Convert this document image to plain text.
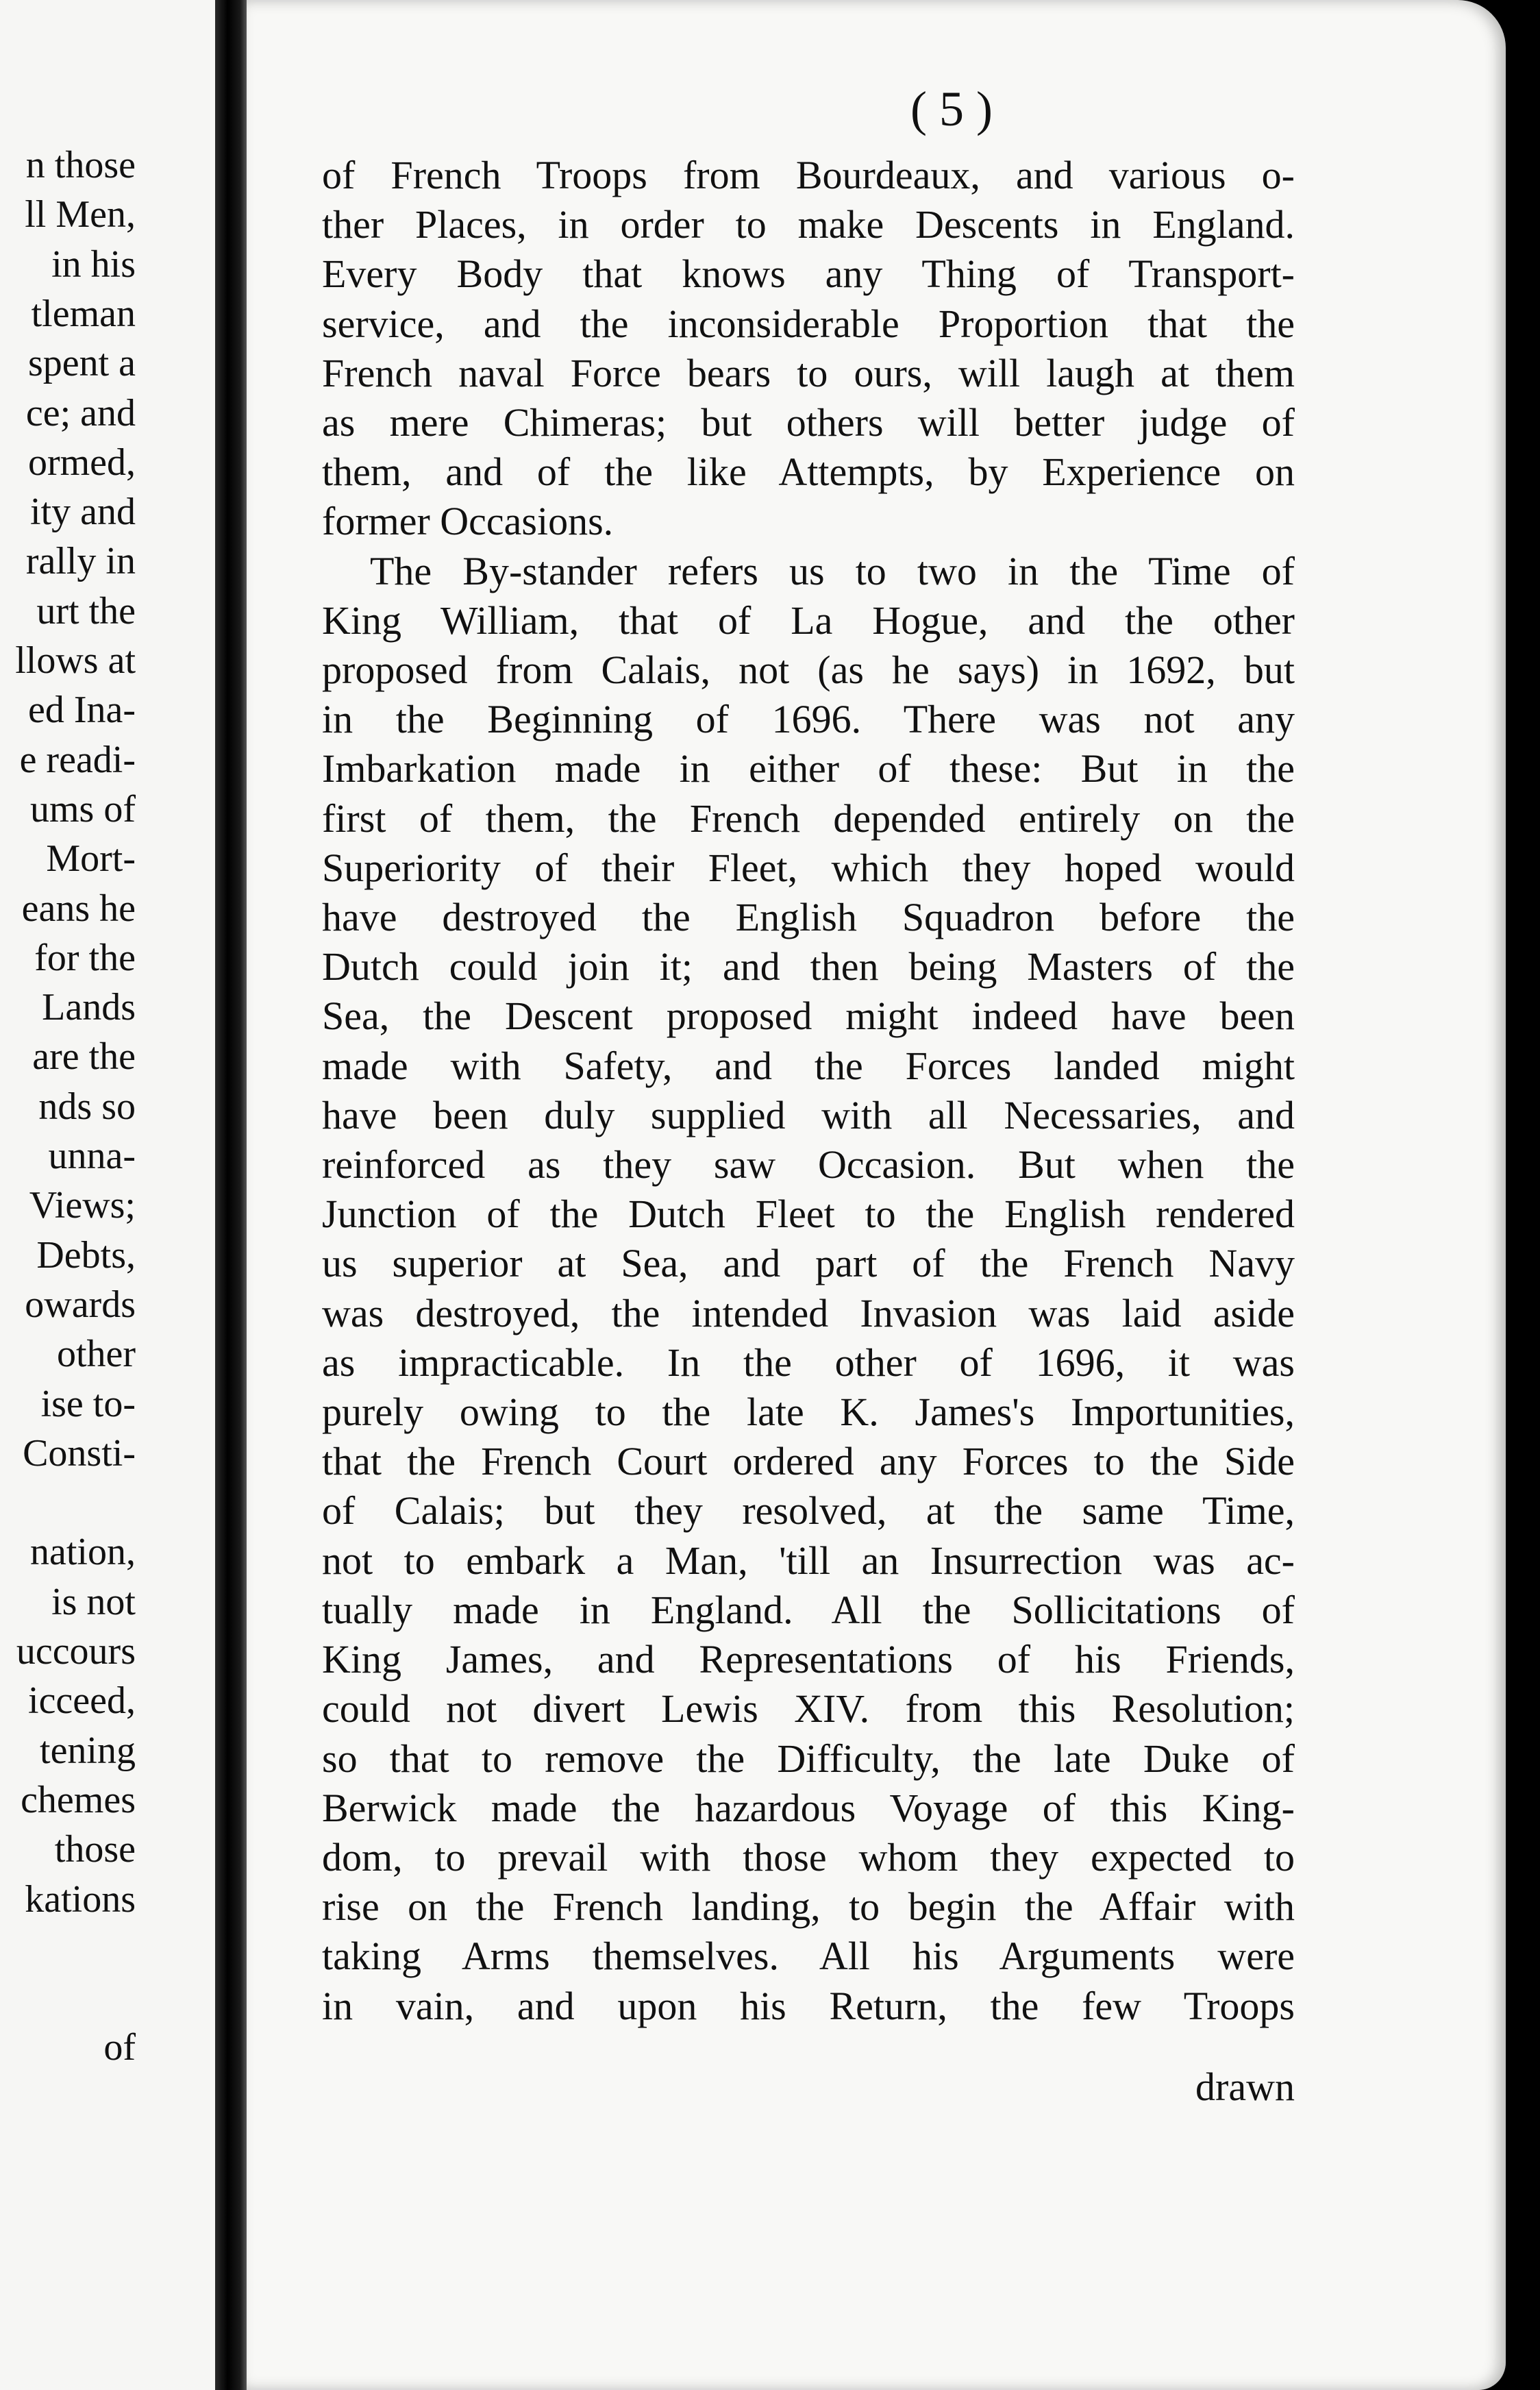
n those
ll Men,
in his
tleman
spent a
ce; and
ormed,
ity and
rally in
urt the
llows at
ed Ina-
e readi-
ums of
Mort-
eans he
for the
Lands
are the
nds so
unna-
Views;
Debts,
owards
other
ise to-
Consti-
nation,
is not
uccours
icceed,
tening
chemes
those
kations
of
( 5 )
of French Troops from Bourdeaux, and various o-
ther Places, in order to make Descents in England.
Every Body that knows any Thing of Transport-
service, and the inconsiderable Proportion that the
French naval Force bears to ours, will laugh at them
as mere Chimeras; but others will better judge of
them, and of the like Attempts, by Experience on
former Occasions.
The By-stander refers us to two in the Time of
King William, that of La Hogue, and the other
proposed from Calais, not (as he says) in 1692, but
in the Beginning of 1696. There was not any
Imbarkation made in either of these: But in the
first of them, the French depended entirely on the
Superiority of their Fleet, which they hoped would
have destroyed the English Squadron before the
Dutch could join it; and then being Masters of the
Sea, the Descent proposed might indeed have been
made with Safety, and the Forces landed might
have been duly supplied with all Necessaries, and
reinforced as they saw Occasion. But when the
Junction of the Dutch Fleet to the English rendered
us superior at Sea, and part of the French Navy
was destroyed, the intended Invasion was laid aside
as impracticable. In the other of 1696, it was
purely owing to the late K. James's Importunities,
that the French Court ordered any Forces to the Side
of Calais; but they resolved, at the same Time,
not to embark a Man, 'till an Insurrection was ac-
tually made in England. All the Sollicitations of
King James, and Representations of his Friends,
could not divert Lewis XIV. from this Resolution;
so that to remove the Difficulty, the late Duke of
Berwick made the hazardous Voyage of this King-
dom, to prevail with those whom they expected to
rise on the French landing, to begin the Affair with
taking Arms themselves. All his Arguments were
in vain, and upon his Return, the few Troops
drawn
